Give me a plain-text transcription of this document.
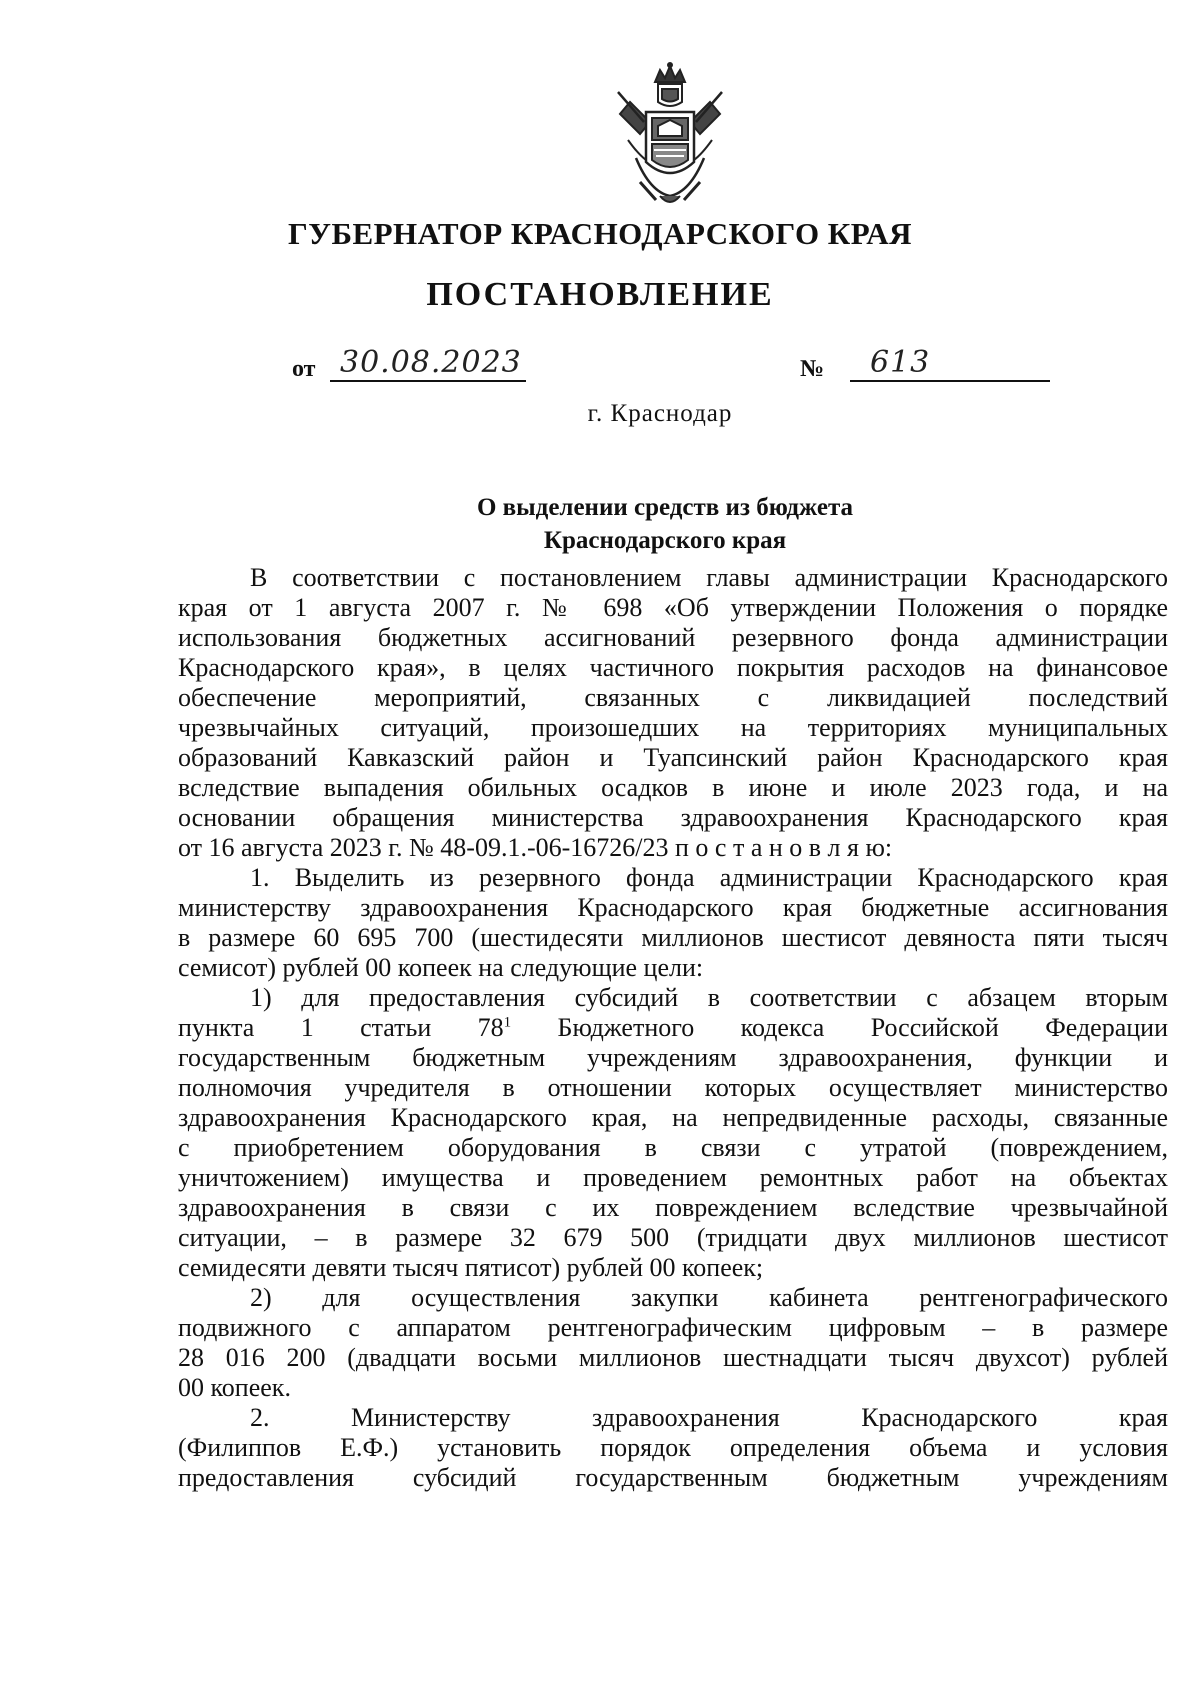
ГУБЕРНАТОР КРАСНОДАРСКОГО КРАЯ
ПОСТАНОВЛЕНИЕ
от 30.08.2023	№ 613
г. Краснодар
О выделении средств из бюджета
Краснодарского края
В соответствии с постановлением главы администрации Краснодарского
края от 1 августа 2007 г. № 698 «Об утверждении Положения о порядке
использования бюджетных ассигнований резервного фонда администрации
Краснодарского края», в целях частичного покрытия расходов на финансовое
обеспечение мероприятий, связанных с ликвидацией последствий
чрезвычайных ситуаций, произошедших на территориях муниципальных
образований Кавказский район и Туапсинский район Краснодарского края
вследствие выпадения обильных осадков в июне и июле 2023 года, и на
основании обращения министерства здравоохранения Краснодарского края
от 16 августа 2023 г. № 48-09.1.-06-16726/23 п о с т а н о в л я ю:
1. Выделить из резервного фонда администрации Краснодарского края
министерству здравоохранения Краснодарского края бюджетные ассигнования
в размере 60 695 700 (шестидесяти миллионов шестисот девяноста пяти тысяч
семисот) рублей 00 копеек на следующие цели:
1) для предоставления субсидий в соответствии с абзацем вторым
пункта 1 статьи $78^1$ Бюджетного кодекса Российской Федерации
государственным бюджетным учреждениям здравоохранения, функции и
полномочия учредителя в отношении которых осуществляет министерство
здравоохранения Краснодарского края, на непредвиденные расходы, связанные
с приобретением оборудования в связи с утратой (повреждением,
уничтожением) имущества и проведением ремонтных работ на объектах
здравоохранения в связи с их повреждением вследствие чрезвычайной
ситуации, – в размере 32 679 500 (тридцати двух миллионов шестисот
семидесяти девяти тысяч пятисот) рублей 00 копеек;
2) для осуществления закупки кабинета рентгенографического
подвижного с аппаратом рентгенографическим цифровым – в размере
28 016 200 (двадцати восьми миллионов шестнадцати тысяч двухсот) рублей
00 копеек.
2. Министерству здравоохранения Краснодарского края
(Филиппов Е.Ф.) установить порядок определения объема и условия
предоставления субсидий государственным бюджетным учреждениям
